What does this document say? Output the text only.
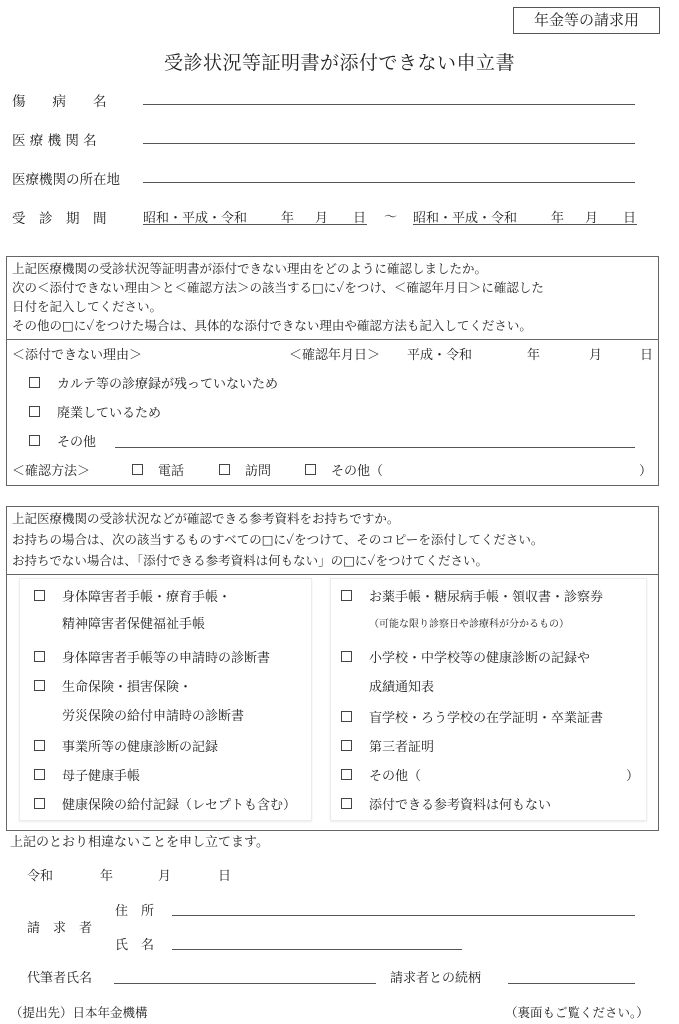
年金等の請求用
受診状況等証明書が添付できない申立書
傷　　病　　名
医 療 機 関 名
医療機関の所在地
受　診　期　間	昭和・平成・令和	年 月 日 〜 昭和・平成・令和	年 月 日
上記医療機関の受診状況等証明書が添付できない理由をどのように確認しましたか。
次の＜添付できない理由＞と＜確認方法＞の該当する□に✓をつけ、＜確認年月日＞に確認した
日付を記入してください。
その他の□に✓をつけた場合は、具体的な添付できない理由や確認方法も記入してください。
＜添付できない理由＞	＜確認年月日＞ 平成・令和	年	月	日
カルテ等の診療録が残っていないため
廃業しているため
その他
＜確認方法＞	電話	訪問	その他（	）
上記医療機関の受診状況などが確認できる参考資料をお持ちですか。
お持ちの場合は、次の該当するものすべての□に✓をつけて、そのコピーを添付してください。
お持ちでない場合は、「添付できる参考資料は何もない」の□に✓をつけてください。
身体障害者手帳・療育手帳・
精神障害者保健福祉手帳
身体障害者手帳等の申請時の診断書
生命保険・損害保険・
労災保険の給付申請時の診断書
事業所等の健康診断の記録
母子健康手帳
健康保険の給付記録（レセプトも含む）
お薬手帳・糖尿病手帳・領収書・診察券
（可能な限り診察日や診療科が分かるもの）
小学校・中学校等の健康診断の記録や
成績通知表
盲学校・ろう学校の在学証明・卒業証書
第三者証明
その他（	）
添付できる参考資料は何もない
上記のとおり相違ないことを申し立てます。
令和	年	月	日
請　求　者
住　所
氏　名
代筆者氏名	請求者との続柄
（提出先）日本年金機構	（裏面もご覧ください。）
